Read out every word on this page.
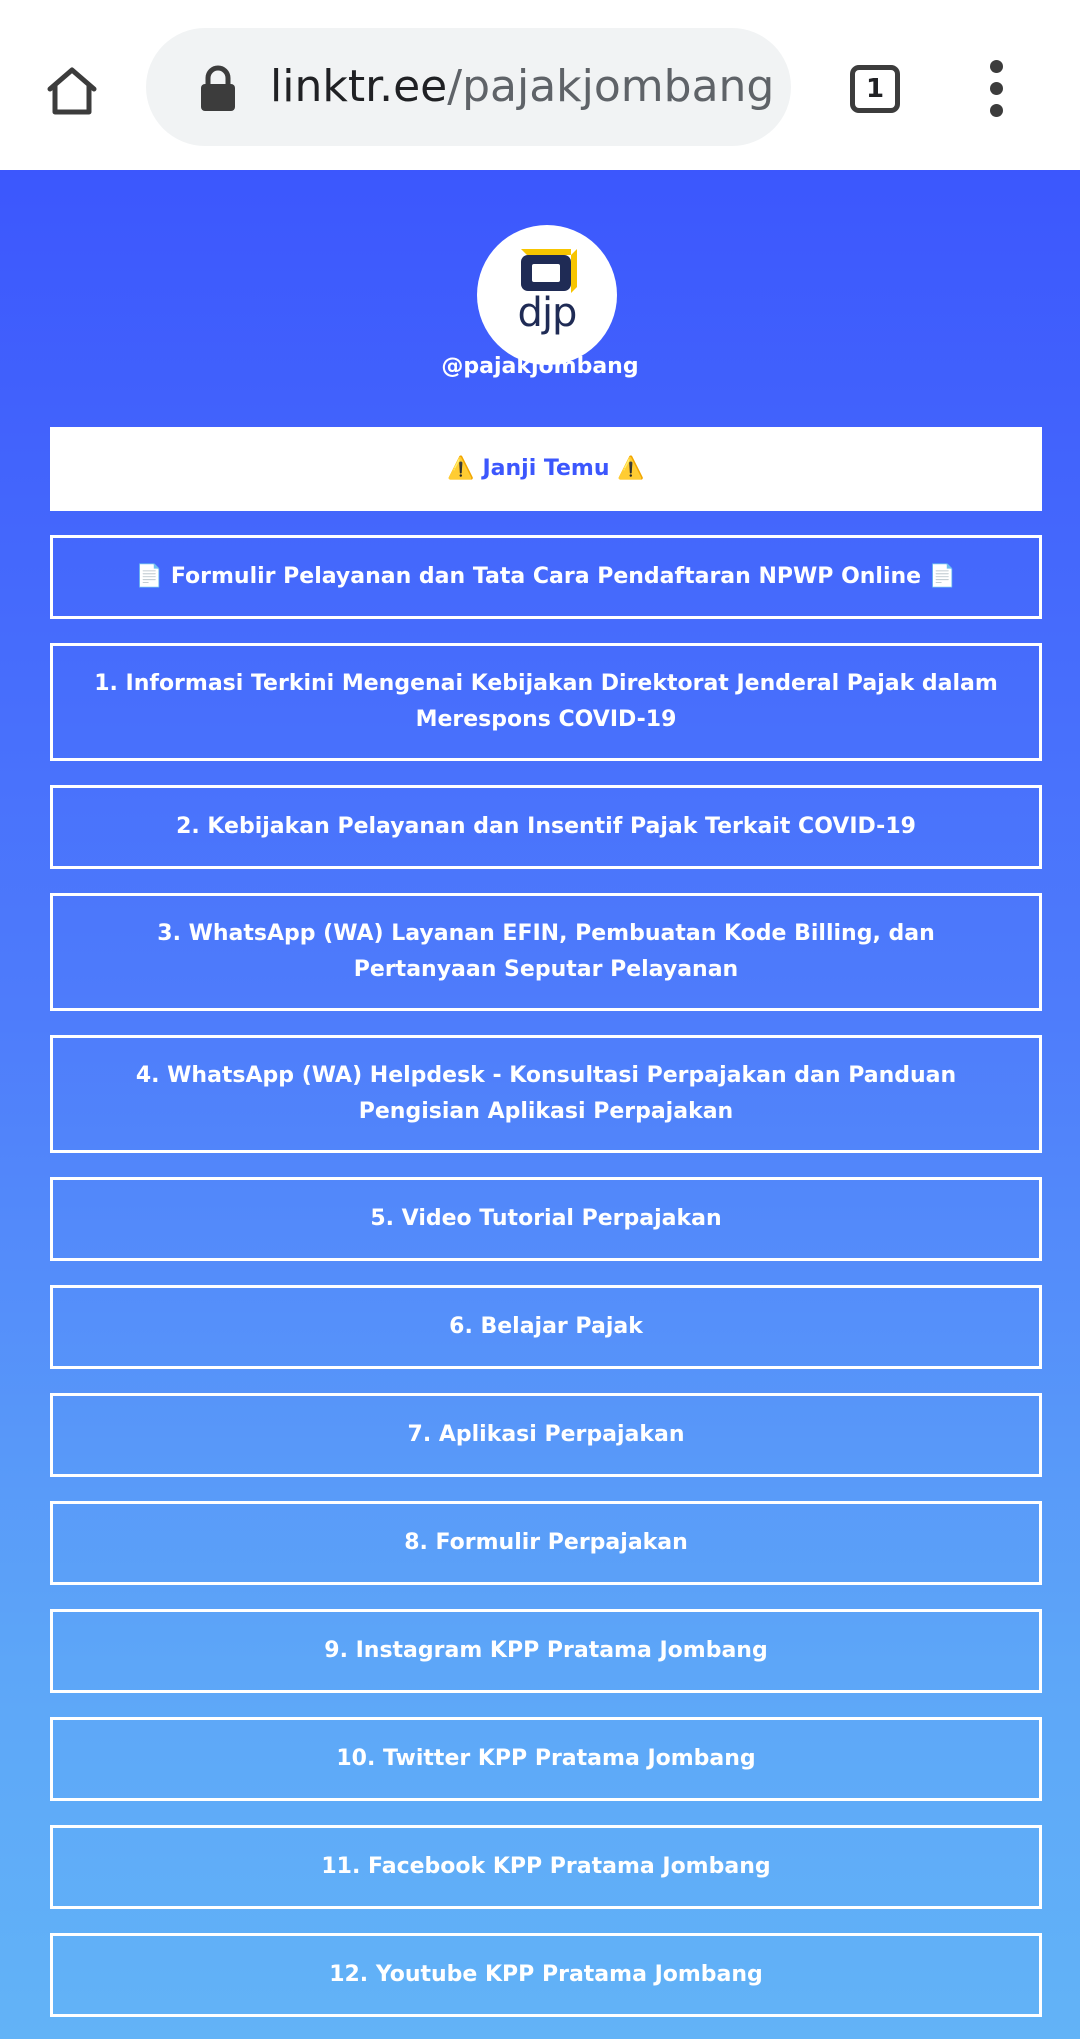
linktr.ee/pajakjombang	1
djp
@pajakjombang
⚠️ Janji Temu ⚠️
📄 Formulir Pelayanan dan Tata Cara Pendaftaran NPWP Online 📄
1. Informasi Terkini Mengenai Kebijakan Direktorat Jenderal Pajak dalam Merespons COVID-19
2. Kebijakan Pelayanan dan Insentif Pajak Terkait COVID-19
3. WhatsApp (WA) Layanan EFIN, Pembuatan Kode Billing, dan Pertanyaan Seputar Pelayanan
4. WhatsApp (WA) Helpdesk - Konsultasi Perpajakan dan Panduan Pengisian Aplikasi Perpajakan
5. Video Tutorial Perpajakan
6. Belajar Pajak
7. Aplikasi Perpajakan
8. Formulir Perpajakan
9. Instagram KPP Pratama Jombang
10. Twitter KPP Pratama Jombang
11. Facebook KPP Pratama Jombang
12. Youtube KPP Pratama Jombang
